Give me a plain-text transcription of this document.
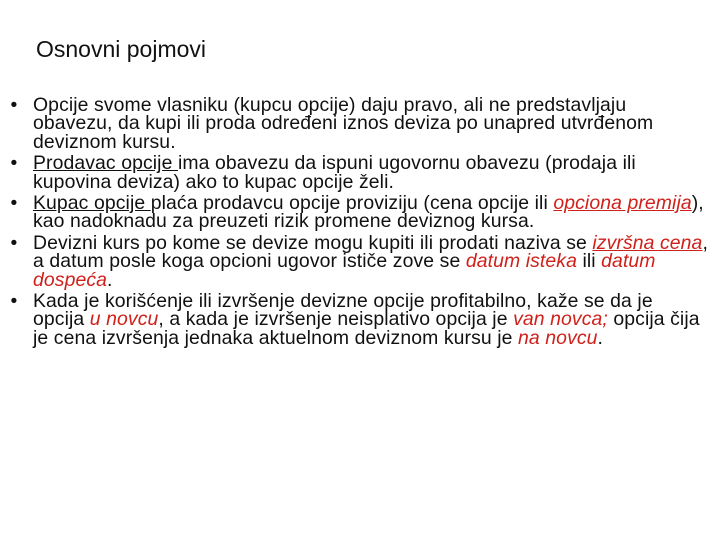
Osnovni pojmovi
• Opcije svome vlasniku (kupcu opcije) daju pravo, ali ne predstavljaju obavezu, da kupi ili proda određeni iznos deviza po unapred utvrđenom deviznom kursu.
• Prodavac opcije ima obavezu da ispuni ugovornu obavezu (prodaja ili kupovina deviza) ako to kupac opcije želi.
• Kupac opcije plaća prodavcu opcije proviziju (cena opcije ili opciona premija), kao nadoknadu za preuzeti rizik promene deviznog kursa.
• Devizni kurs po kome se devize mogu kupiti ili prodati naziva se izvršna cena, a datum posle koga opcioni ugovor ističe zove se datum isteka ili datum dospeća.
• Kada je korišćenje ili izvršenje devizne opcije profitabilno, kaže se da je opcija u novcu, a kada je izvršenje neisplativo opcija je van novca; opcija čija je cena izvršenja jednaka aktuelnom deviznom kursu je na novcu.
